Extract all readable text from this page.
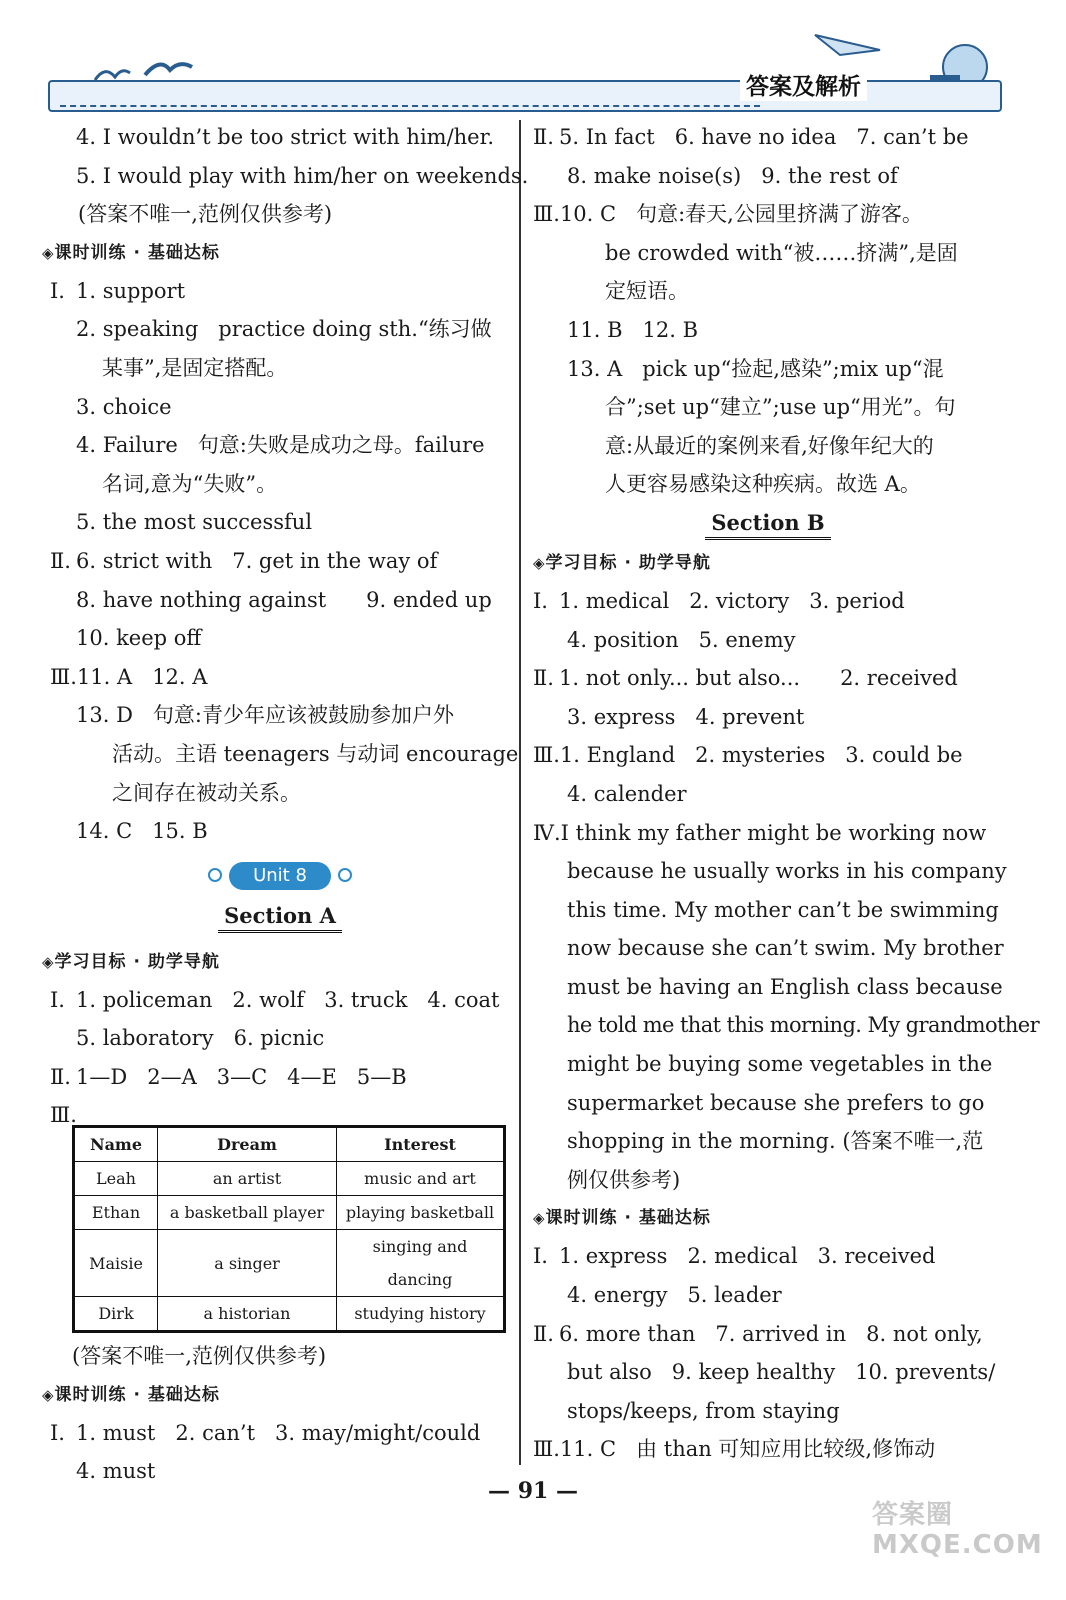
答案及解析
4. I wouldn’t be too strict with him/her.
5. I would play with him/her on weekends.
(答案不唯一,范例仅供参考)
◈课时训练 · 基础达标
Ⅰ. 1. support
2. speaking practice doing sth.“练习做
某事”,是固定搭配。
3. choice
4. Failure 句意:失败是成功之母。failure
名词,意为“失败”。
5. the most successful
Ⅱ. 6. strict with 7. get in the way of
8. have nothing against 9. ended up
10. keep off
Ⅲ.11. A 12. A
13. D 句意:青少年应该被鼓励参加户外
活动。主语 teenagers 与动词 encourage
之间存在被动关系。
14. C 15. B
Unit 8
Section A
◈学习目标 · 助学导航
Ⅰ. 1. policeman 2. wolf 3. truck 4. coat
5. laboratory 6. picnic
Ⅱ. 1—D 2—A 3—C 4—E 5—B
Ⅲ.
Name	Dream	Interest
Leah	an artist	music and art
Ethan	a basketball player	playing basketball
Maisie	a singer	singing and dancing
Dirk	a historian	studying history
(答案不唯一,范例仅供参考)
◈课时训练 · 基础达标
Ⅰ. 1. must 2. can’t 3. may/might/could
4. must
Ⅱ. 5. In fact 6. have no idea 7. can’t be
8. make noise(s) 9. the rest of
Ⅲ.10. C 句意:春天,公园里挤满了游客。
be crowded with“被……挤满”,是固
定短语。
11. B 12. B
13. A pick up“捡起,感染”;mix up“混
合”;set up“建立”;use up“用光”。句
意:从最近的案例来看,好像年纪大的
人更容易感染这种疾病。故选 A。
Section B
◈学习目标 · 助学导航
Ⅰ. 1. medical 2. victory 3. period
4. position 5. enemy
Ⅱ. 1. not only... but also... 2. received
3. express 4. prevent
Ⅲ.1. England 2. mysteries 3. could be
4. calender
Ⅳ.I think my father might be working now
because he usually works in his company
this time. My mother can’t be swimming
now because she can’t swim. My brother
must be having an English class because
he told me that this morning. My grandmother
might be buying some vegetables in the
supermarket because she prefers to go
shopping in the morning. (答案不唯一,范
例仅供参考)
◈课时训练 · 基础达标
Ⅰ. 1. express 2. medical 3. received
4. energy 5. leader
Ⅱ. 6. more than 7. arrived in 8. not only,
but also 9. keep healthy 10. prevents/
stops/keeps, from staying
Ⅲ.11. C 由 than 可知应用比较级,修饰动
— 91 —
答案圈
MXQE.COM
